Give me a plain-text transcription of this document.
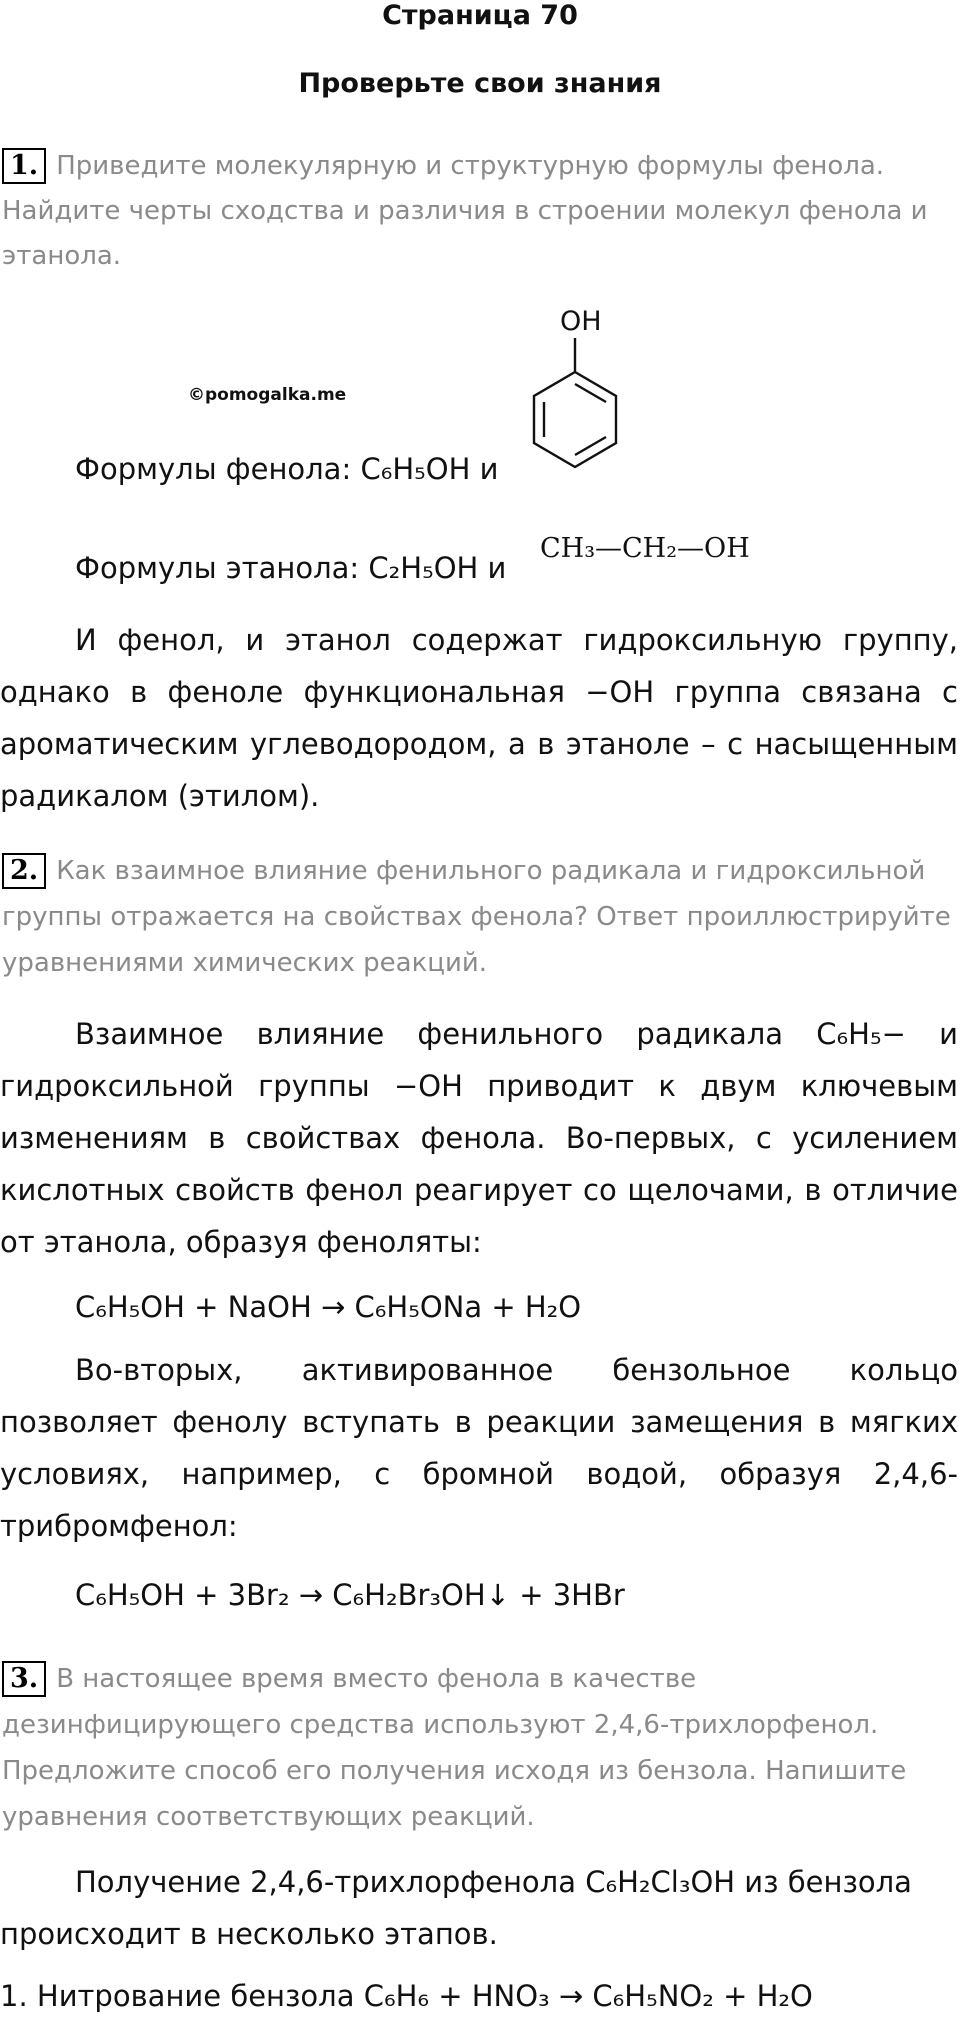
Страница 70
Проверьте свои знания
1. Приведите молекулярную и структурную формулы фенола.
Найдите черты сходства и различия в строении молекул фенола и
этанола.
©pomogalka.me
OH
Формулы фенола: C₆H₅OH и
Формулы этанола: C₂H₅OH и
CH₃—CH₂—OH
И фенол, и этанол содержат гидроксильную группу,
однако в феноле функциональная −OH группа связана с
ароматическим углеводородом, а в этаноле – с насыщенным
радикалом (этилом).
2. Как взаимное влияние фенильного радикала и гидроксильной
группы отражается на свойствах фенола? Ответ проиллюстрируйте
уравнениями химических реакций.
Взаимное влияние фенильного радикала C₆H₅− и
гидроксильной группы −OH приводит к двум ключевым
изменениям в свойствах фенола. Во-первых, с усилением
кислотных свойств фенол реагирует со щелочами, в отличие
от этанола, образуя феноляты:
C₆H₅OH + NaOH → C₆H₅ONa + H₂O
Во-вторых, активированное бензольное кольцо
позволяет фенолу вступать в реакции замещения в мягких
условиях, например, с бромной водой, образуя 2,4,6-
трибромфенол:
C₆H₅OH + 3Br₂ → C₆H₂Br₃OH↓ + 3HBr
3. В настоящее время вместо фенола в качестве
дезинфицирующего средства используют 2,4,6-трихлорфенол.
Предложите способ его получения исходя из бензола. Напишите
уравнения соответствующих реакций.
Получение 2,4,6-трихлорфенола C₆H₂Cl₃OH из бензола
происходит в несколько этапов.
1. Нитрование бензола C₆H₆ + HNO₃ → C₆H₅NO₂ + H₂O
